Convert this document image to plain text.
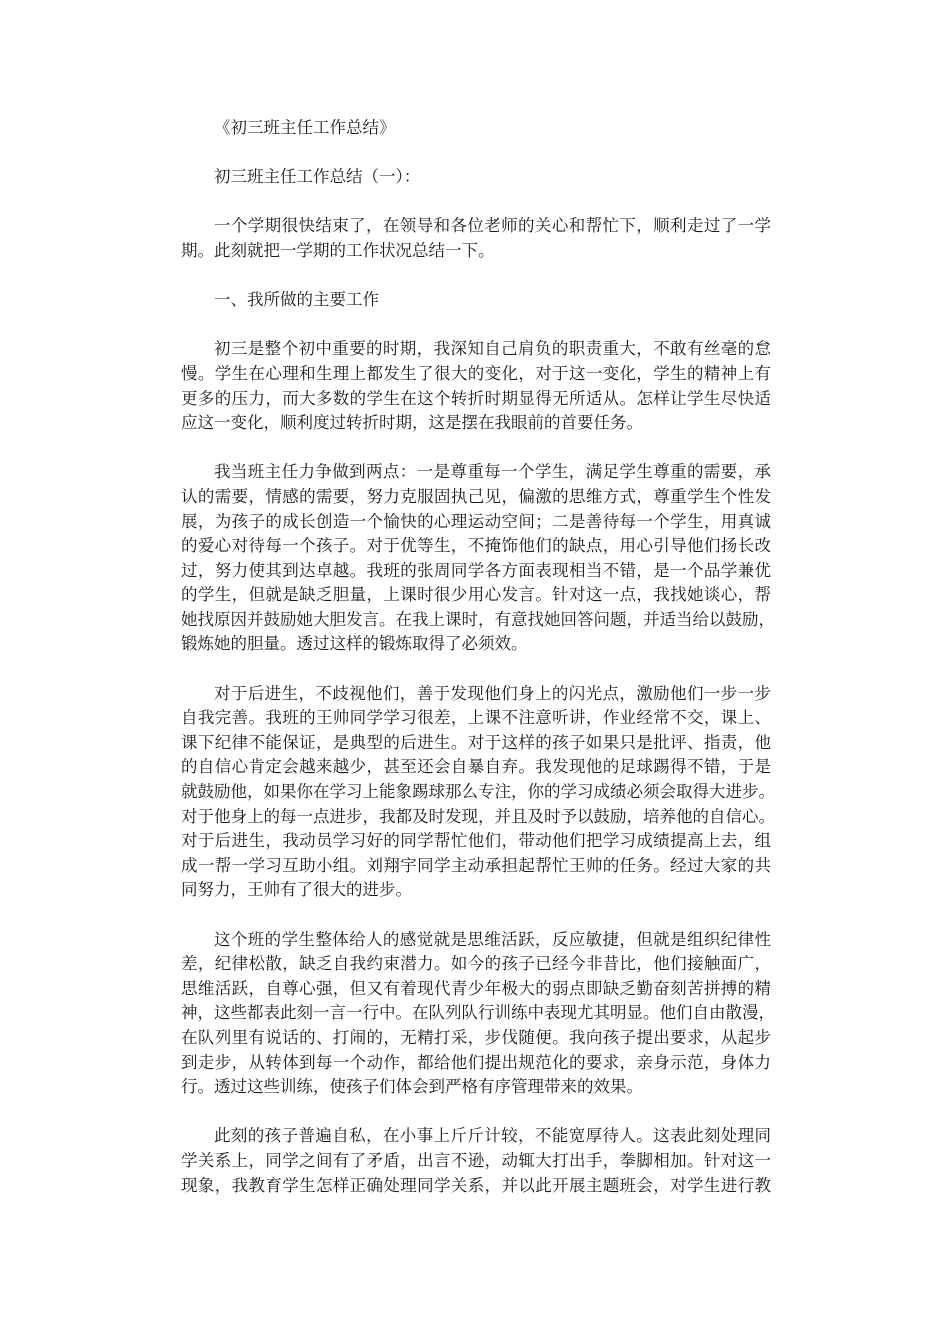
《初三班主任工作总结》

初三班主任工作总结（一）：

一个学期很快结束了，在领导和各位老师的关心和帮忙下，顺利走过了一学
期。此刻就把一学期的工作状况总结一下。

一、我所做的主要工作

初三是整个初中重要的时期，我深知自己肩负的职责重大，不敢有丝毫的怠
慢。学生在心理和生理上都发生了很大的变化，对于这一变化，学生的精神上有
更多的压力，而大多数的学生在这个转折时期显得无所适从。怎样让学生尽快适
应这一变化，顺利度过转折时期，这是摆在我眼前的首要任务。
我当班主任力争做到两点：一是尊重每一个学生，满足学生尊重的需要，承
认的需要，情感的需要，努力克服固执己见，偏激的思维方式，尊重学生个性发
展，为孩子的成长创造一个愉快的心理运动空间；二是善待每一个学生，用真诚
的爱心对待每一个孩子。对于优等生，不掩饰他们的缺点，用心引导他们扬长改
过，努力使其到达卓越。我班的张周同学各方面表现相当不错，是一个品学兼优
的学生，但就是缺乏胆量，上课时很少用心发言。针对这一点，我找她谈心，帮
她找原因并鼓励她大胆发言。在我上课时，有意找她回答问题，并适当给以鼓励，
锻炼她的胆量。透过这样的锻炼取得了必须效。
对于后进生，不歧视他们，善于发现他们身上的闪光点，激励他们一步一步
自我完善。我班的王帅同学学习很差，上课不注意听讲，作业经常不交，课上、
课下纪律不能保证，是典型的后进生。对于这样的孩子如果只是批评、指责，他
的自信心肯定会越来越少，甚至还会自暴自弃。我发现他的足球踢得不错，于是
就鼓励他，如果你在学习上能象踢球那么专注，你的学习成绩必须会取得大进步。
对于他身上的每一点进步，我都及时发现，并且及时予以鼓励，培养他的自信心。
对于后进生，我动员学习好的同学帮忙他们，带动他们把学习成绩提高上去，组
成一帮一学习互助小组。刘翔宇同学主动承担起帮忙王帅的任务。经过大家的共
同努力，王帅有了很大的进步。
这个班的学生整体给人的感觉就是思维活跃，反应敏捷，但就是组织纪律性
差，纪律松散，缺乏自我约束潜力。如今的孩子已经今非昔比，他们接触面广，
思维活跃，自尊心强，但又有着现代青少年极大的弱点即缺乏勤奋刻苦拼搏的精
神，这些都表此刻一言一行中。在队列队行训练中表现尤其明显。他们自由散漫，
在队列里有说话的、打闹的，无精打采，步伐随便。我向孩子提出要求，从起步
到走步，从转体到每一个动作，都给他们提出规范化的要求，亲身示范，身体力
行。透过这些训练，使孩子们体会到严格有序管理带来的效果。
此刻的孩子普遍自私，在小事上斤斤计较，不能宽厚待人。这表此刻处理同
学关系上，同学之间有了矛盾，出言不逊，动辄大打出手，拳脚相加。针对这一
现象，我教育学生怎样正确处理同学关系，并以此开展主题班会，对学生进行教
